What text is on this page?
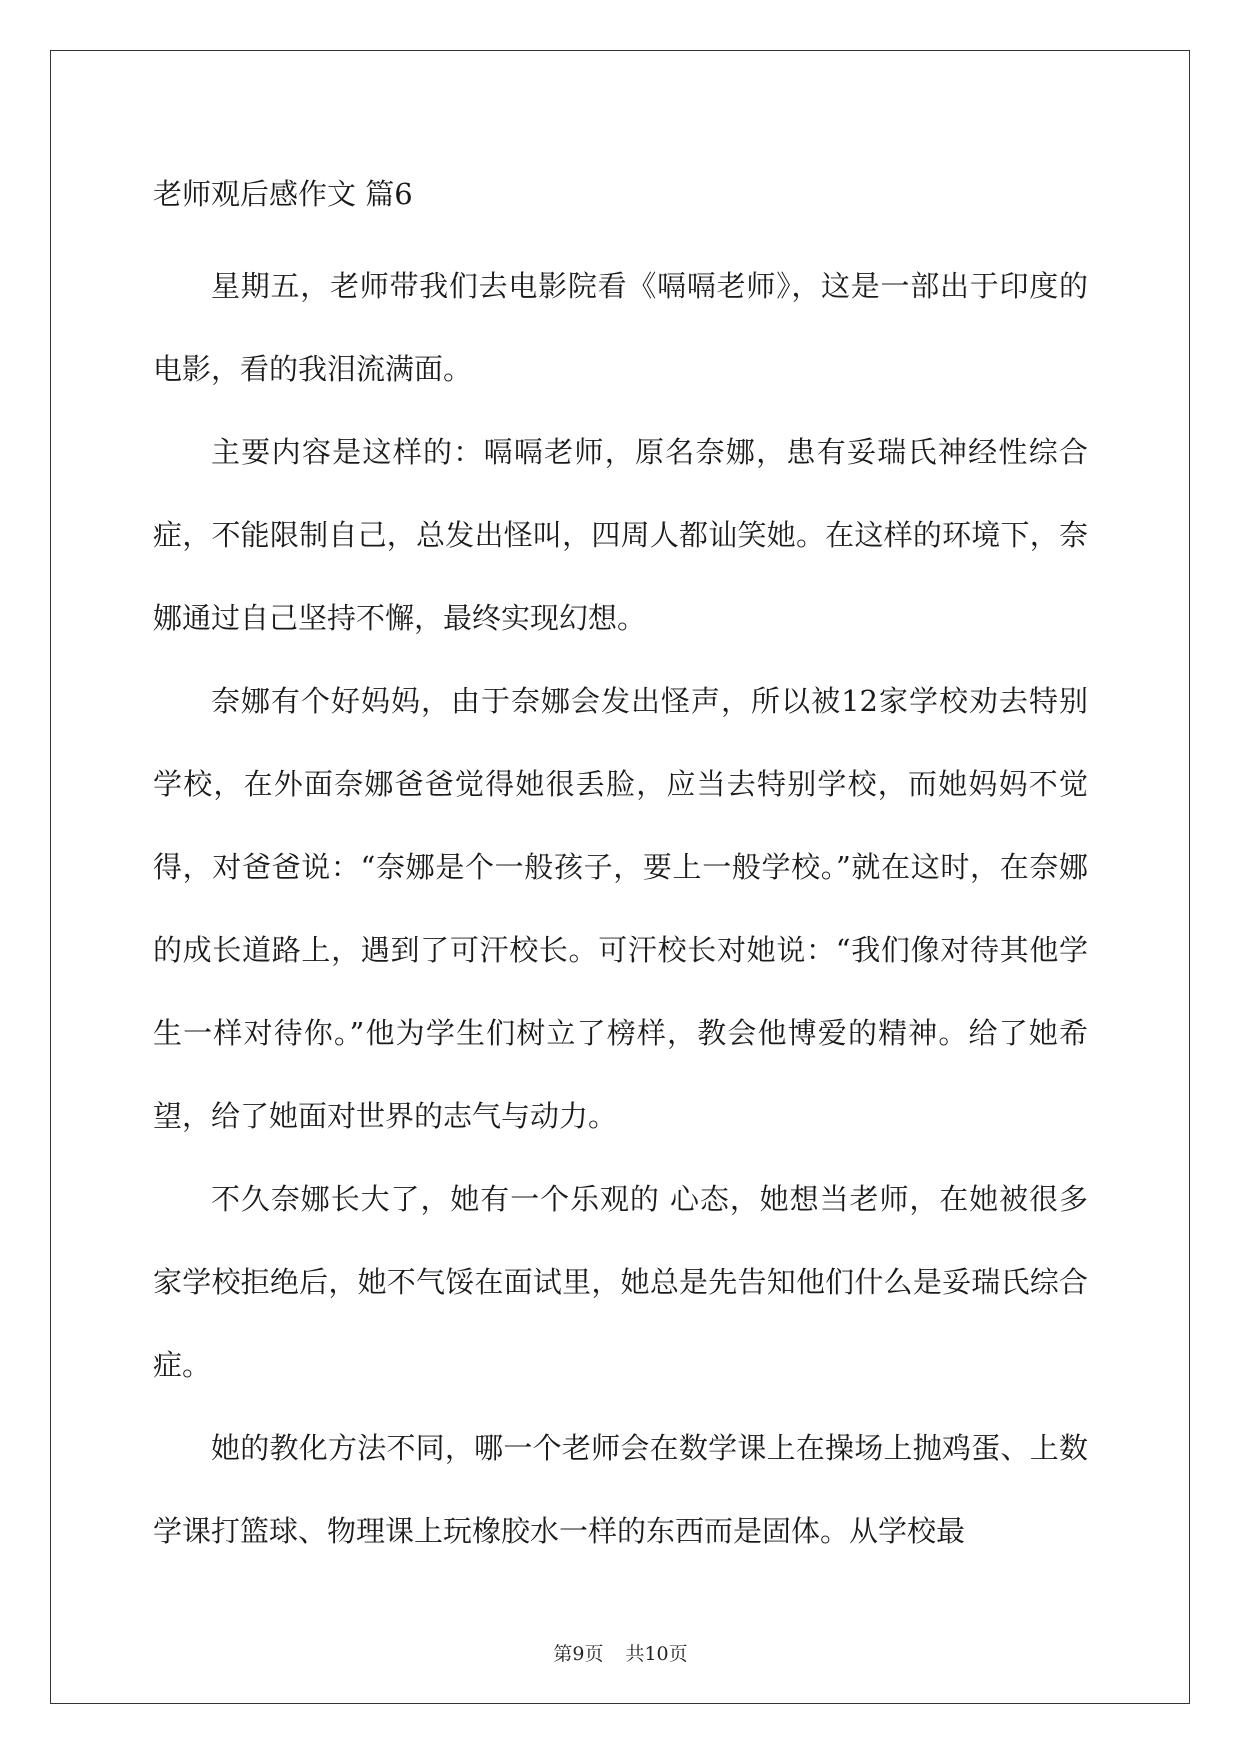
老师观后感作文 篇6

星期五，老师带我们去电影院看《嗝嗝老师》，这是一部出于印度的电影，看的我泪流满面。

主要内容是这样的：嗝嗝老师，原名奈娜，患有妥瑞氏神经性综合症，不能限制自己，总发出怪叫，四周人都讪笑她。在这样的环境下，奈娜通过自己坚持不懈，最终实现幻想。

奈娜有个好妈妈，由于奈娜会发出怪声，所以被12家学校劝去特别学校，在外面奈娜爸爸觉得她很丢脸，应当去特别学校，而她妈妈不觉得，对爸爸说：“奈娜是个一般孩子，要上一般学校。”就在这时，在奈娜的成长道路上，遇到了可汗校长。可汗校长对她说：“我们像对待其他学生一样对待你。”他为学生们树立了榜样，教会他博爱的精神。给了她希望，给了她面对世界的志气与动力。

不久奈娜长大了，她有一个乐观的 心态，她想当老师，在她被很多家学校拒绝后，她不气馁在面试里，她总是先告知他们什么是妥瑞氏综合症。

她的教化方法不同，哪一个老师会在数学课上在操场上抛鸡蛋、上数学课打篮球、物理课上玩橡胶水一样的东西而是固体。从学校最

第9页 共10页
